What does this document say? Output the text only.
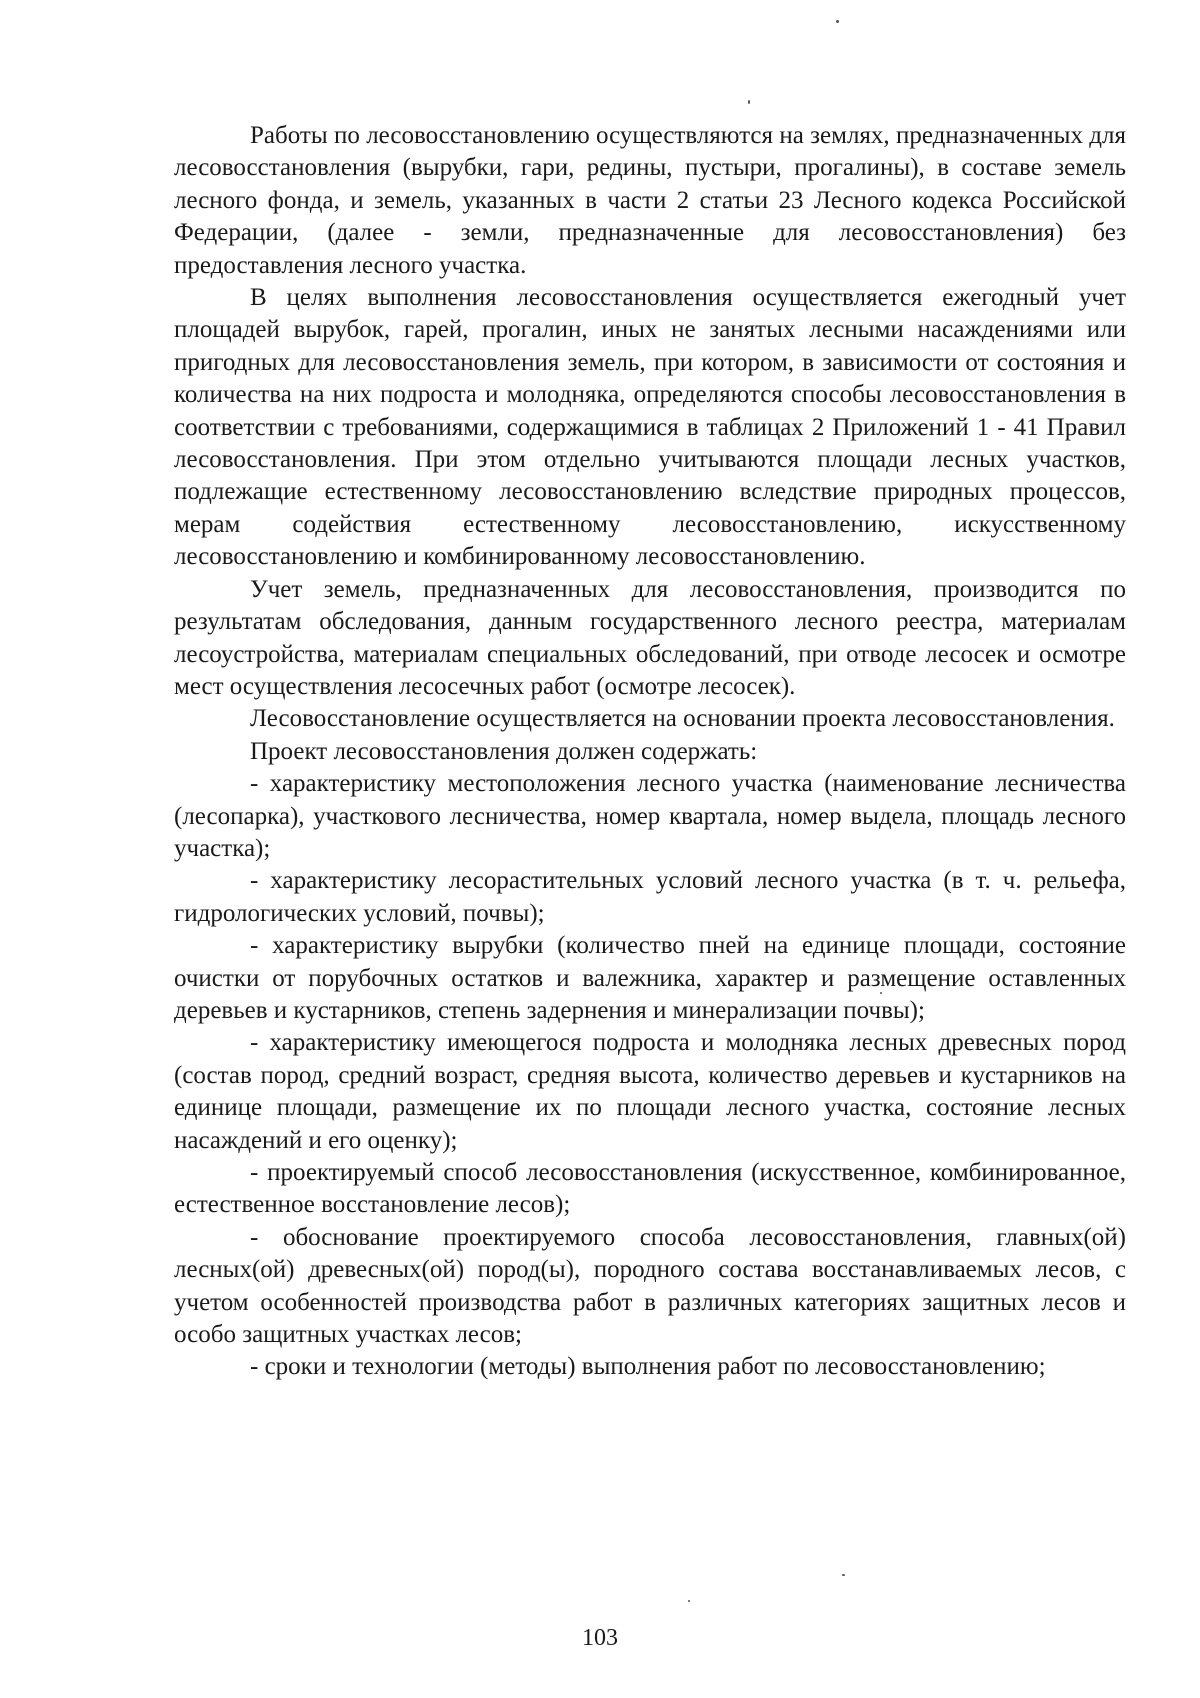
Работы по лесовосстановлению осуществляются на землях, предназначенных для лесовосстановления (вырубки, гари, редины, пустыри, прогалины), в составе земель лесного фонда, и земель, указанных в части 2 статьи 23 Лесного кодекса Российской Федерации, (далее - земли, предназначенные для лесовосстановления) без предоставления лесного участка.

В целях выполнения лесовосстановления осуществляется ежегодный учет площадей вырубок, гарей, прогалин, иных не занятых лесными насаждениями или пригодных для лесовосстановления земель, при котором, в зависимости от состояния и количества на них подроста и молодняка, определяются способы лесовосстановления в соответствии с требованиями, содержащимися в таблицах 2 Приложений 1 - 41 Правил лесовосстановления. При этом отдельно учитываются площади лесных участков, подлежащие естественному лесовосстановлению вследствие природных процессов, мерам содействия естественному лесовосстановлению, искусственному лесовосстановлению и комбинированному лесовосстановлению.

Учет земель, предназначенных для лесовосстановления, производится по результатам обследования, данным государственного лесного реестра, материалам лесоустройства, материалам специальных обследований, при отводе лесосек и осмотре мест осуществления лесосечных работ (осмотре лесосек).

Лесовосстановление осуществляется на основании проекта лесовосстановления.

Проект лесовосстановления должен содержать:

- характеристику местоположения лесного участка (наименование лесничества (лесопарка), участкового лесничества, номер квартала, номер выдела, площадь лесного участка);

- характеристику лесорастительных условий лесного участка (в т. ч. рельефа, гидрологических условий, почвы);

- характеристику вырубки (количество пней на единице площади, состояние очистки от порубочных остатков и валежника, характер и размещение оставленных деревьев и кустарников, степень задернения и минерализации почвы);

- характеристику имеющегося подроста и молодняка лесных древесных пород (состав пород, средний возраст, средняя высота, количество деревьев и кустарников на единице площади, размещение их по площади лесного участка, состояние лесных насаждений и его оценку);

- проектируемый способ лесовосстановления (искусственное, комбинированное, естественное восстановление лесов);

- обоснование проектируемого способа лесовосстановления, главных(ой) лесных(ой) древесных(ой) пород(ы), породного состава восстанавливаемых лесов, с учетом особенностей производства работ в различных категориях защитных лесов и особо защитных участках лесов;

- сроки и технологии (методы) выполнения работ по лесовосстановлению;

103
